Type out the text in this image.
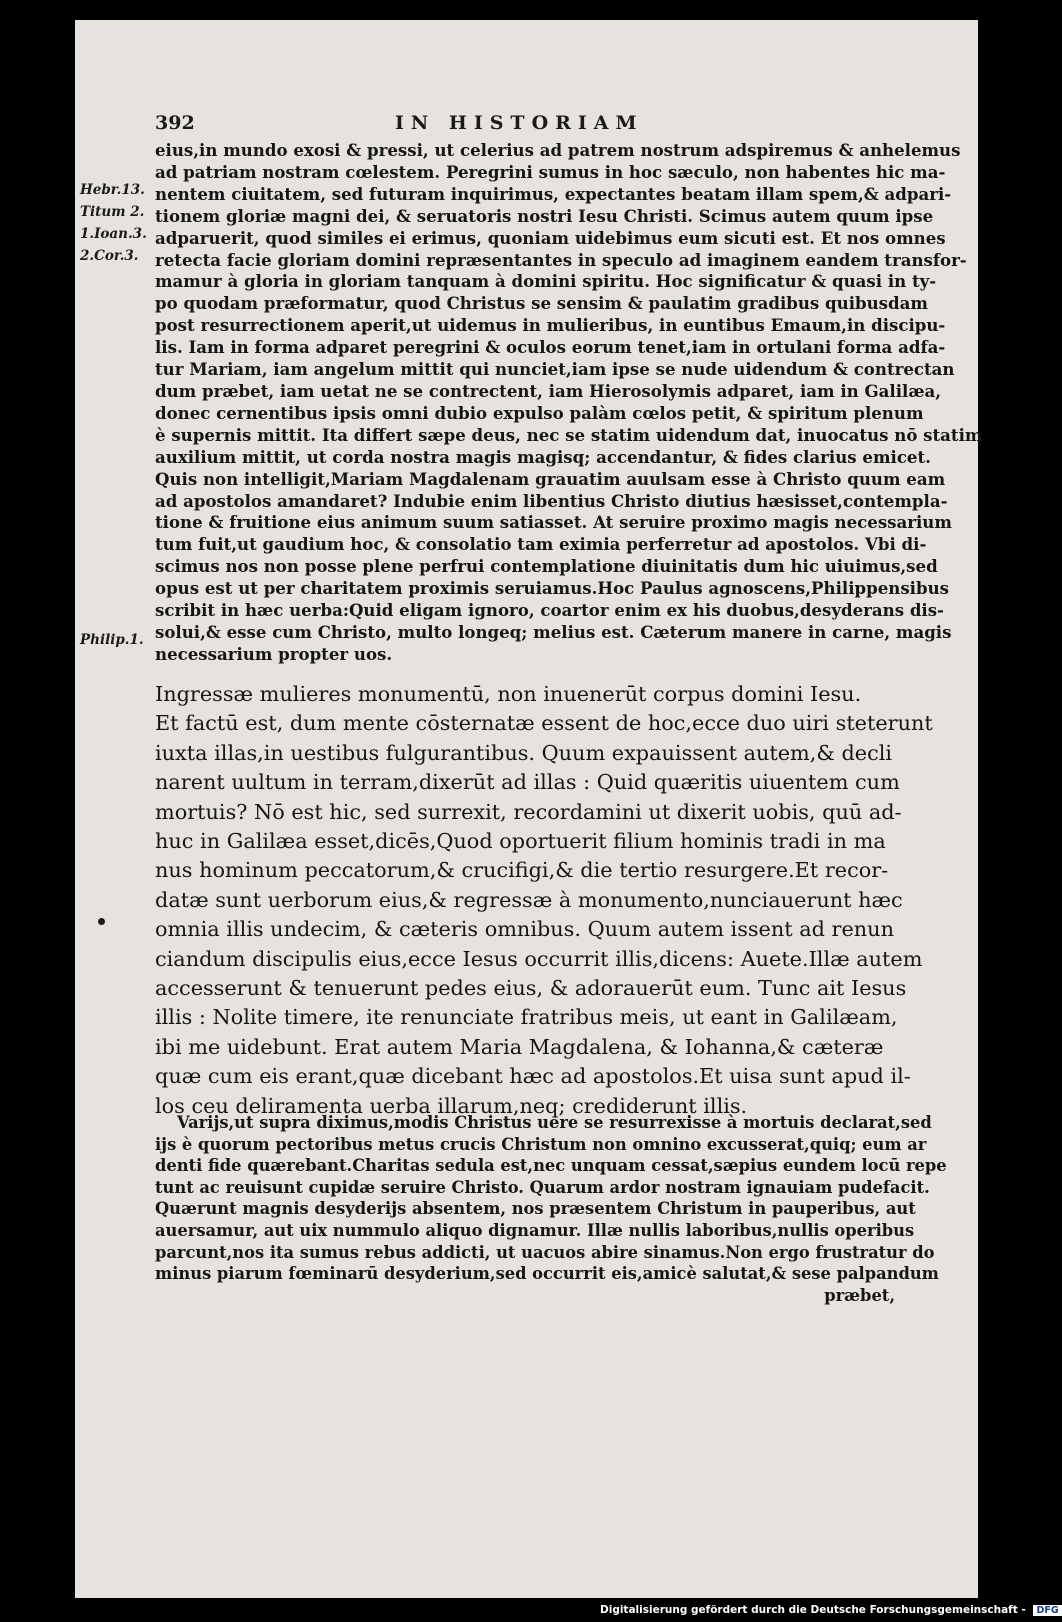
392	IN HISTORIAM
Hebr.13.
Titum 2.
1.Ioan.3.
2.Cor.3.
Philip.1.
eius,in mundo exosi & pressi, ut celerius ad patrem nostrum adspiremus & anhelemus
ad patriam nostram cœlestem. Peregrini sumus in hoc sæculo, non habentes hic ma-
nentem ciuitatem, sed futuram inquirimus, expectantes beatam illam spem,& adpari-
tionem gloriæ magni dei, & seruatoris nostri Iesu Christi. Scimus autem quum ipse
adparuerit, quod similes ei erimus, quoniam uidebimus eum sicuti est. Et nos omnes
retecta facie gloriam domini repræsentantes in speculo ad imaginem eandem transfor-
mamur à gloria in gloriam tanquam à domini spiritu. Hoc significatur & quasi in ty-
po quodam præformatur, quod Christus se sensim & paulatim gradibus quibusdam
post resurrectionem aperit,ut uidemus in mulieribus, in euntibus Emaum,in discipu-
lis. Iam in forma adparet peregrini & oculos eorum tenet,iam in ortulani forma adfa-
tur Mariam, iam angelum mittit qui nunciet,iam ipse se nude uidendum & contrectan
dum præbet, iam uetat ne se contrectent, iam Hierosolymis adparet, iam in Galilæa,
donec cernentibus ipsis omni dubio expulso palàm cœlos petit, & spiritum plenum
è supernis mittit. Ita differt sæpe deus, nec se statim uidendum dat, inuocatus nō statim
auxilium mittit, ut corda nostra magis magisq; accendantur, & fides clarius emicet.
Quis non intelligit,Mariam Magdalenam grauatim auulsam esse à Christo quum eam
ad apostolos amandaret? Indubie enim libentius Christo diutius hæsisset,contempla-
tione & fruitione eius animum suum satiasset. At seruire proximo magis necessarium
tum fuit,ut gaudium hoc, & consolatio tam eximia perferretur ad apostolos. Vbi di-
scimus nos non posse plene perfrui contemplatione diuinitatis dum hic uiuimus,sed
opus est ut per charitatem proximis seruiamus.Hoc Paulus agnoscens,Philippensibus
scribit in hæc uerba:Quid eligam ignoro, coartor enim ex his duobus,desyderans dis-
solui,& esse cum Christo, multo longeq; melius est. Cæterum manere in carne, magis
necessarium propter uos.
Ingressæ mulieres monumentū, non inuenerūt corpus domini Iesu.
Et factū est, dum mente cōsternatæ essent de hoc,ecce duo uiri steterunt
iuxta illas,in uestibus fulgurantibus. Quum expauissent autem,& decli
narent uultum in terram,dixerūt ad illas : Quid quæritis uiuentem cum
mortuis? Nō est hic, sed surrexit, recordamini ut dixerit uobis, quū ad-
huc in Galilæa esset,dicēs,Quod oportuerit filium hominis tradi in ma
nus hominum peccatorum,& crucifigi,& die tertio resurgere.Et recor-
datæ sunt uerborum eius,& regressæ à monumento,nunciauerunt hæc
omnia illis undecim, & cæteris omnibus. Quum autem issent ad renun
ciandum discipulis eius,ecce Iesus occurrit illis,dicens: Auete.Illæ autem
accesserunt & tenuerunt pedes eius, & adorauerūt eum. Tunc ait Iesus
illis : Nolite timere, ite renunciate fratribus meis, ut eant in Galilæam,
ibi me uidebunt. Erat autem Maria Magdalena, & Iohanna,& cæteræ
quæ cum eis erant,quæ dicebant hæc ad apostolos.Et uisa sunt apud il-
los ceu deliramenta uerba illarum,neq; crediderunt illis.
Varijs,ut supra diximus,modis Christus uere se resurrexisse à mortuis declarat,sed
ijs è quorum pectoribus metus crucis Christum non omnino excusserat,quiq; eum ar
denti fide quærebant.Charitas sedula est,nec unquam cessat,sæpius eundem locū repe
tunt ac reuisunt cupidæ seruire Christo. Quarum ardor nostram ignauiam pudefacit.
Quærunt magnis desyderijs absentem, nos præsentem Christum in pauperibus, aut
auersamur, aut uix nummulo aliquo dignamur. Illæ nullis laboribus,nullis operibus
parcunt,nos ita sumus rebus addicti, ut uacuos abire sinamus.Non ergo frustratur do
minus piarum fœminarū desyderium,sed occurrit eis,amicè salutat,& sese palpandum
præbet,
Digitalisierung gefördert durch die Deutsche Forschungsgemeinschaft - DFG
